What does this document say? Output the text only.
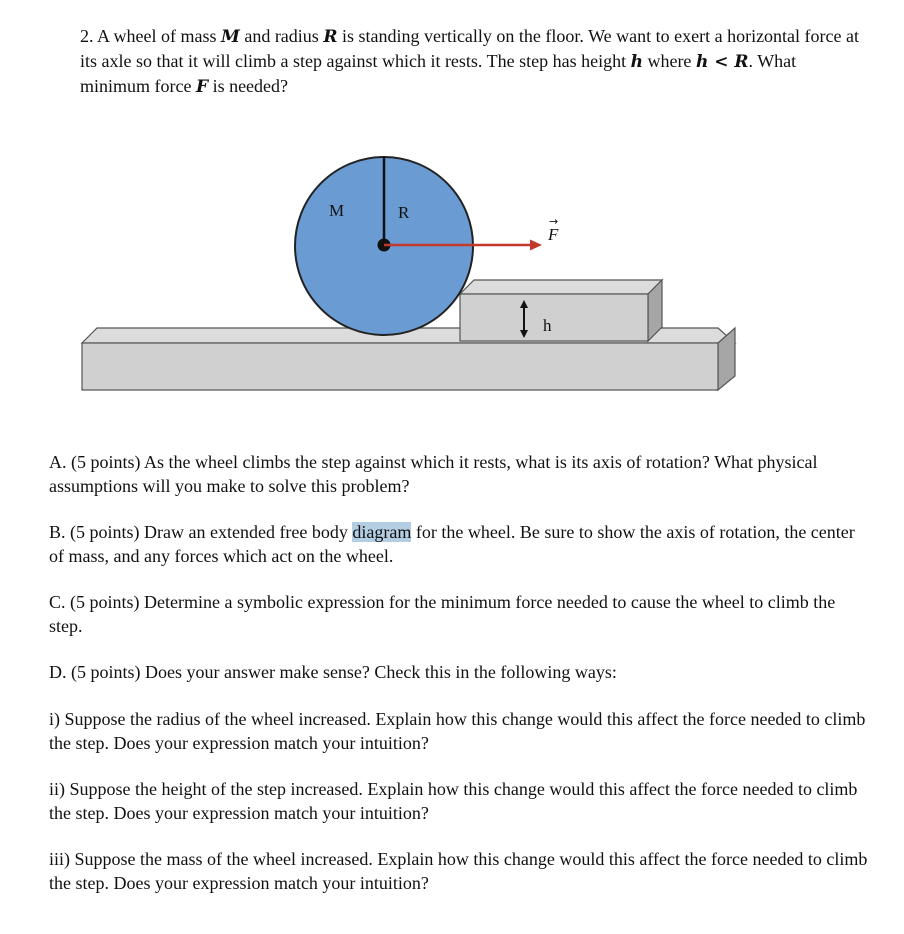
2. A wheel of mass M and radius R is standing vertically on the floor. We want to exert a horizontal force at its axle so that it will climb a step against which it rests. The step has height h where h < R. What minimum force F is needed?

M	R
F
→
h

A. (5 points) As the wheel climbs the step against which it rests, what is its axis of rotation? What physical assumptions will you make to solve this problem?

B. (5 points) Draw an extended free body diagram for the wheel. Be sure to show the axis of rotation, the center of mass, and any forces which act on the wheel.

C. (5 points) Determine a symbolic expression for the minimum force needed to cause the wheel to climb the step.

D. (5 points) Does your answer make sense? Check this in the following ways:

i) Suppose the radius of the wheel increased. Explain how this change would this affect the force needed to climb the step. Does your expression match your intuition?

ii) Suppose the height of the step increased. Explain how this change would this affect the force needed to climb the step. Does your expression match your intuition?

iii) Suppose the mass of the wheel increased. Explain how this change would this affect the force needed to climb the step. Does your expression match your intuition?
